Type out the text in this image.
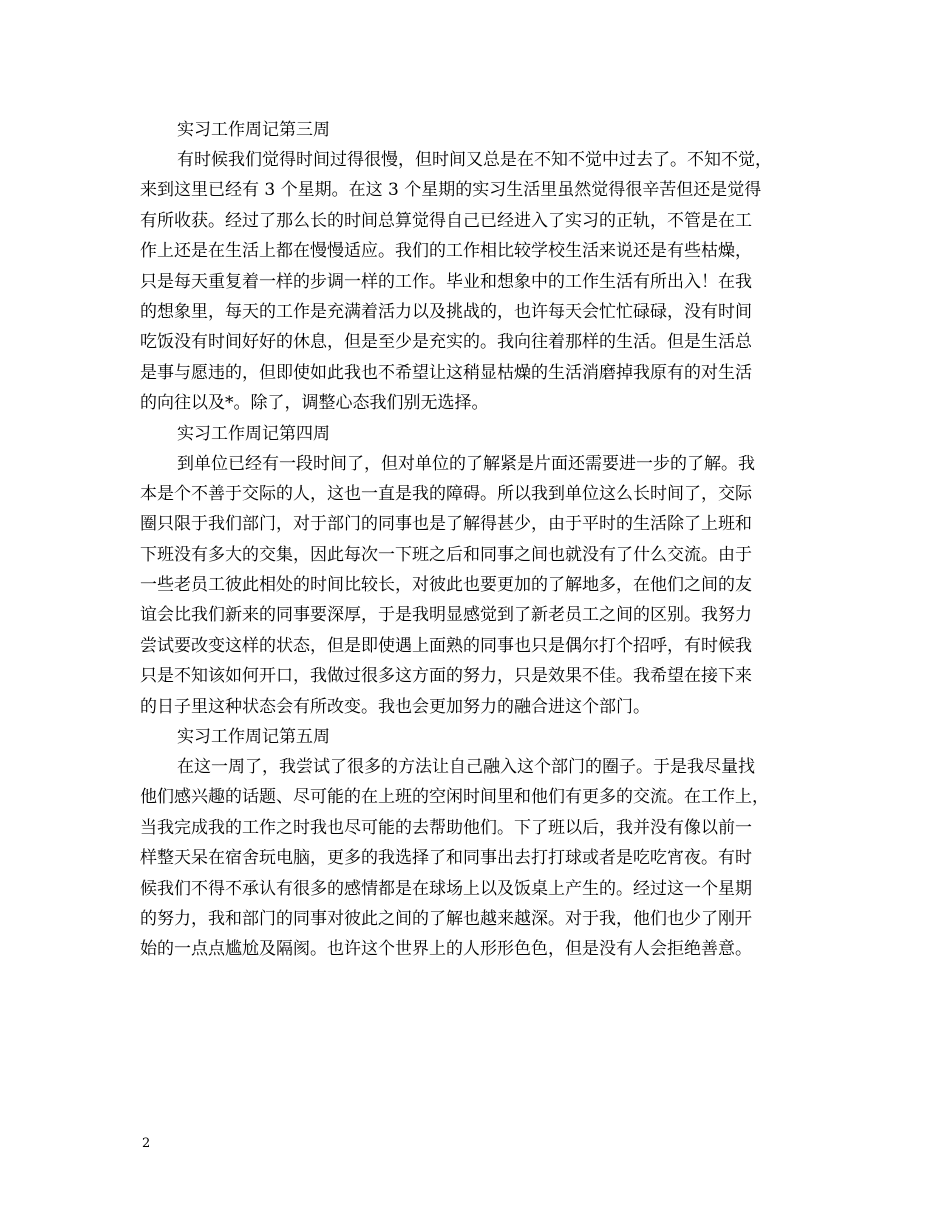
实习工作周记第三周
有时候我们觉得时间过得很慢，但时间又总是在不知不觉中过去了。不知不觉，
来到这里已经有 3 个星期。在这 3 个星期的实习生活里虽然觉得很辛苦但还是觉得
有所收获。经过了那么长的时间总算觉得自己已经进入了实习的正轨，不管是在工
作上还是在生活上都在慢慢适应。我们的工作相比较学校生活来说还是有些枯燥，
只是每天重复着一样的步调一样的工作。毕业和想象中的工作生活有所出入！在我
的想象里，每天的工作是充满着活力以及挑战的，也许每天会忙忙碌碌，没有时间
吃饭没有时间好好的休息，但是至少是充实的。我向往着那样的生活。但是生活总
是事与愿违的，但即使如此我也不希望让这稍显枯燥的生活消磨掉我原有的对生活
的向往以及*。除了，调整心态我们别无选择。
实习工作周记第四周
到单位已经有一段时间了，但对单位的了解紧是片面还需要进一步的了解。我
本是个不善于交际的人，这也一直是我的障碍。所以我到单位这么长时间了，交际
圈只限于我们部门，对于部门的同事也是了解得甚少，由于平时的生活除了上班和
下班没有多大的交集，因此每次一下班之后和同事之间也就没有了什么交流。由于
一些老员工彼此相处的时间比较长，对彼此也要更加的了解地多，在他们之间的友
谊会比我们新来的同事要深厚，于是我明显感觉到了新老员工之间的区别。我努力
尝试要改变这样的状态，但是即使遇上面熟的同事也只是偶尔打个招呼，有时候我
只是不知该如何开口，我做过很多这方面的努力，只是效果不佳。我希望在接下来
的日子里这种状态会有所改变。我也会更加努力的融合进这个部门。
实习工作周记第五周
在这一周了，我尝试了很多的方法让自己融入这个部门的圈子。于是我尽量找
他们感兴趣的话题、尽可能的在上班的空闲时间里和他们有更多的交流。在工作上，
当我完成我的工作之时我也尽可能的去帮助他们。下了班以后，我并没有像以前一
样整天呆在宿舍玩电脑，更多的我选择了和同事出去打打球或者是吃吃宵夜。有时
候我们不得不承认有很多的感情都是在球场上以及饭桌上产生的。经过这一个星期
的努力，我和部门的同事对彼此之间的了解也越来越深。对于我，他们也少了刚开
始的一点点尴尬及隔阂。也许这个世界上的人形形色色，但是没有人会拒绝善意。
2
